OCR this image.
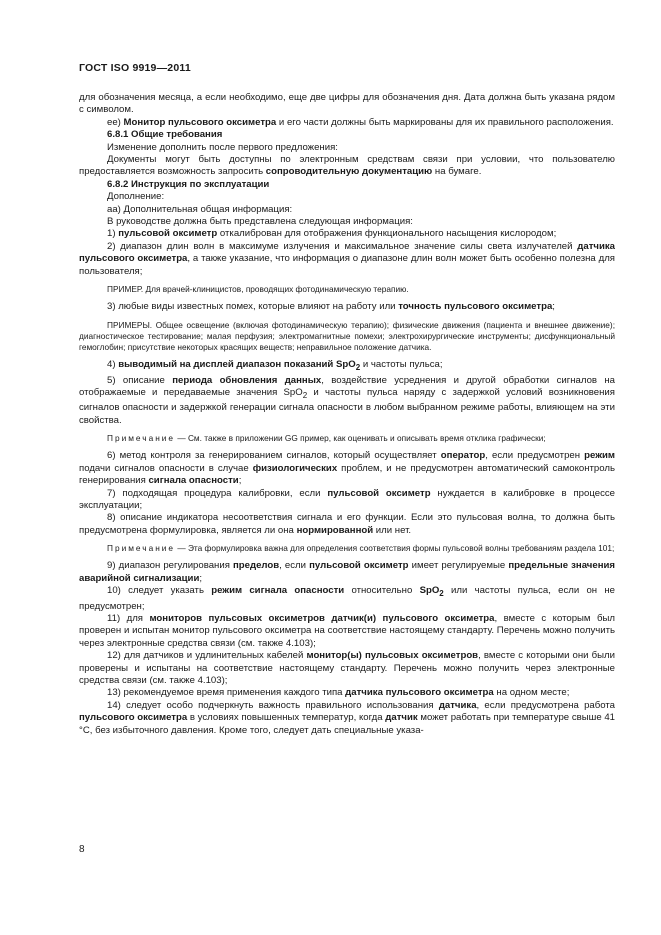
ГОСТ ISO 9919—2011

для обозначения месяца, а если необходимо, еще две цифры для обозначения дня. Дата должна быть указана рядом с символом.

ее) Монитор пульсового оксиметра и его части должны быть маркированы для их правильного расположения.

6.8.1 Общие требования

Изменение дополнить после первого предложения:

Документы могут быть доступны по электронным средствам связи при условии, что пользователю предоставляется возможность запросить сопроводительную документацию на бумаге.

6.8.2 Инструкция по эксплуатации

Дополнение:

аа) Дополнительная общая информация:

В руководстве должна быть представлена следующая информация:

1) пульсовой оксиметр откалиброван для отображения функционального насыщения кислородом;

2) диапазон длин волн в максимуме излучения и максимальное значение силы света излучателей датчика пульсового оксиметра, а также указание, что информация о диапазоне длин волн может быть особенно полезна для пользователя;

ПРИМЕР. Для врачей-клиницистов, проводящих фотодинамическую терапию.

3) любые виды известных помех, которые влияют на работу или точность пульсового оксиметра;

ПРИМЕРЫ. Общее освещение (включая фотодинамическую терапию); физические движения (пациента и внешнее движение); диагностическое тестирование; малая перфузия; электромагнитные помехи; электрохирургические инструменты; дисфункциональный гемоглобин; присутствие некоторых красящих веществ; неправильное положение датчика.

4) выводимый на дисплей диапазон показаний SpO$_2$ и частоты пульса;

5) описание периода обновления данных, воздействие усреднения и другой обработки сигналов на отображаемые и передаваемые значения SpO$_2$ и частоты пульса наряду с задержкой условий возникновения сигналов опасности и задержкой генерации сигнала опасности в любом выбранном режиме работы, влияющем на эти свойства.

Примечание — См. также в приложении GG пример, как оценивать и описывать время отклика графически;

6) метод контроля за генерированием сигналов, который осуществляет оператор, если предусмотрен режим подачи сигналов опасности в случае физиологических проблем, и не предусмотрен автоматический самоконтроль генерирования сигнала опасности;

7) подходящая процедура калибровки, если пульсовой оксиметр нуждается в калибровке в процессе эксплуатации;

8) описание индикатора несоответствия сигнала и его функции. Если это пульсовая волна, то должна быть предусмотрена формулировка, является ли она нормированной или нет.

Примечание — Эта формулировка важна для определения соответствия формы пульсовой волны требованиям раздела 101;

9) диапазон регулирования пределов, если пульсовой оксиметр имеет регулируемые предельные значения аварийной сигнализации;

10) следует указать режим сигнала опасности относительно SpO$_2$ или частоты пульса, если он не предусмотрен;

11) для мониторов пульсовых оксиметров датчик(и) пульсового оксиметра, вместе с которым был проверен и испытан монитор пульсового оксиметра на соответствие настоящему стандарту. Перечень можно получить через электронные средства связи (см. также 4.103);

12) для датчиков и удлинительных кабелей монитор(ы) пульсовых оксиметров, вместе с которыми они были проверены и испытаны на соответствие настоящему стандарту. Перечень можно получить через электронные средства связи (см. также 4.103);

13) рекомендуемое время применения каждого типа датчика пульсового оксиметра на одном месте;

14) следует особо подчеркнуть важность правильного использования датчика, если предусмотрена работа пульсового оксиметра в условиях повышенных температур, когда датчик может работать при температуре свыше 41 °С, без избыточного давления. Кроме того, следует дать специальные указа-

8
